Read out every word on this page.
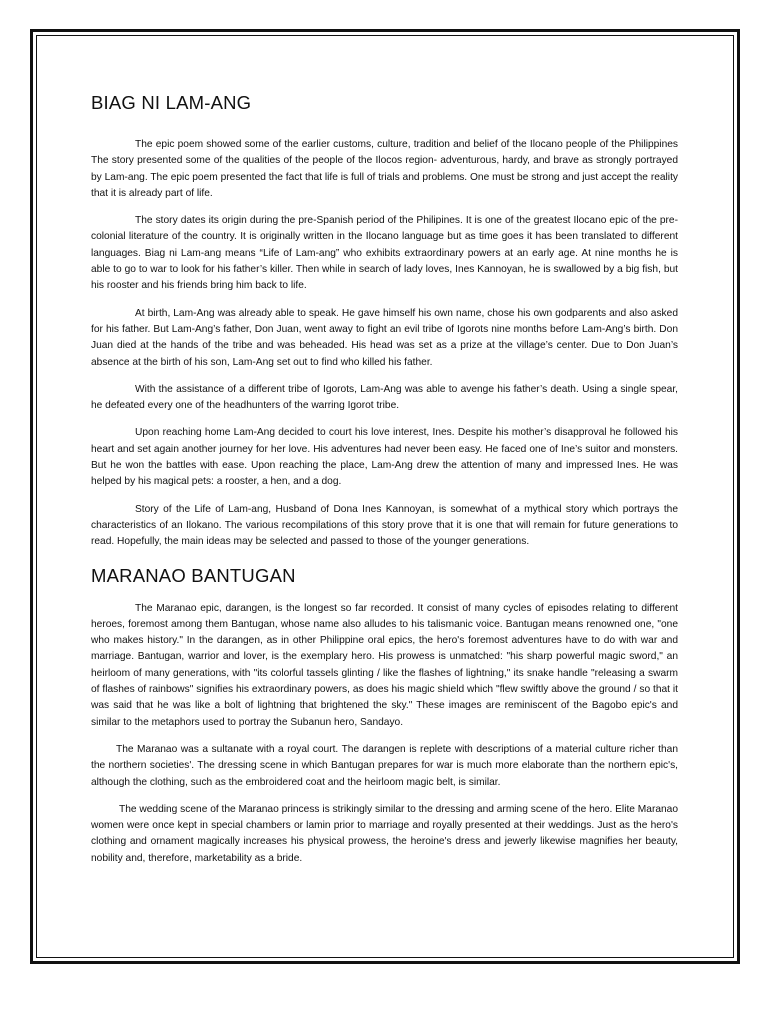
BIAG NI LAM-ANG

The epic poem showed some of the earlier customs, culture, tradition and belief of the Ilocano people of the Philippines The story presented some of the qualities of the people of the Ilocos region- adventurous, hardy, and brave as strongly portrayed by Lam-ang. The epic poem presented the fact that life is full of trials and problems. One must be strong and just accept the reality that it is already part of life.

The story dates its origin during the pre-Spanish period of the Philipines. It is one of the greatest Ilocano epic of the pre-colonial literature of the country. It is originally written in the Ilocano language but as time goes it has been translated to different languages. Biag ni Lam-ang means “Life of Lam-ang” who exhibits extraordinary powers at an early age. At nine months he is able to go to war to look for his father’s killer. Then while in search of lady loves, Ines Kannoyan, he is swallowed by a big fish, but his rooster and his friends bring him back to life.

At birth, Lam-Ang was already able to speak. He gave himself his own name, chose his own godparents and also asked for his father. But Lam-Ang’s father, Don Juan, went away to fight an evil tribe of Igorots nine months before Lam-Ang’s birth. Don Juan died at the hands of the tribe and was beheaded. His head was set as a prize at the village’s center. Due to Don Juan’s absence at the birth of his son, Lam-Ang set out to find who killed his father.

With the assistance of a different tribe of Igorots, Lam-Ang was able to avenge his father’s death. Using a single spear, he defeated every one of the headhunters of the warring Igorot tribe.

Upon reaching home Lam-Ang decided to court his love interest, Ines. Despite his mother’s disapproval he followed his heart and set again another journey for her love. His adventures had never been easy. He faced one of Ine’s suitor and monsters. But he won the battles with ease. Upon reaching the place, Lam-Ang drew the attention of many and impressed Ines. He was helped by his magical pets: a rooster, a hen, and a dog.

Story of the Life of Lam-ang, Husband of Dona Ines Kannoyan, is somewhat of a mythical story which portrays the characteristics of an Ilokano. The various recompilations of this story prove that it is one that will remain for future generations to read. Hopefully, the main ideas may be selected and passed to those of the younger generations.

MARANAO BANTUGAN

The Maranao epic, darangen, is the longest so far recorded. It consist of many cycles of episodes relating to different heroes, foremost among them Bantugan, whose name also alludes to his talismanic voice. Bantugan means renowned one, "one who makes history." In the darangen, as in other Philippine oral epics, the hero's foremost adventures have to do with war and marriage. Bantugan, warrior and lover, is the exemplary hero. His prowess is unmatched: "his sharp powerful magic sword," an heirloom of many generations, with "its colorful tassels glinting / like the flashes of lightning," its snake handle "releasing a swarm of flashes of rainbows" signifies his extraordinary powers, as does his magic shield which "flew swiftly above the ground / so that it was said that he was like a bolt of lightning that brightened the sky." These images are reminiscent of the Bagobo epic's and similar to the metaphors used to portray the Subanun hero, Sandayo.

The Maranao was a sultanate with a royal court. The darangen is replete with descriptions of a material culture richer than the northern societies'. The dressing scene in which Bantugan prepares for war is much more elaborate than the northern epic's, although the clothing, such as the embroidered coat and the heirloom magic belt, is similar.

The wedding scene of the Maranao princess is strikingly similar to the dressing and arming scene of the hero. Elite Maranao women were once kept in special chambers or lamin prior to marriage and royally presented at their weddings. Just as the hero's clothing and ornament magically increases his physical prowess, the heroine's dress and jewerly likewise magnifies her beauty, nobility and, therefore, marketability as a bride.
